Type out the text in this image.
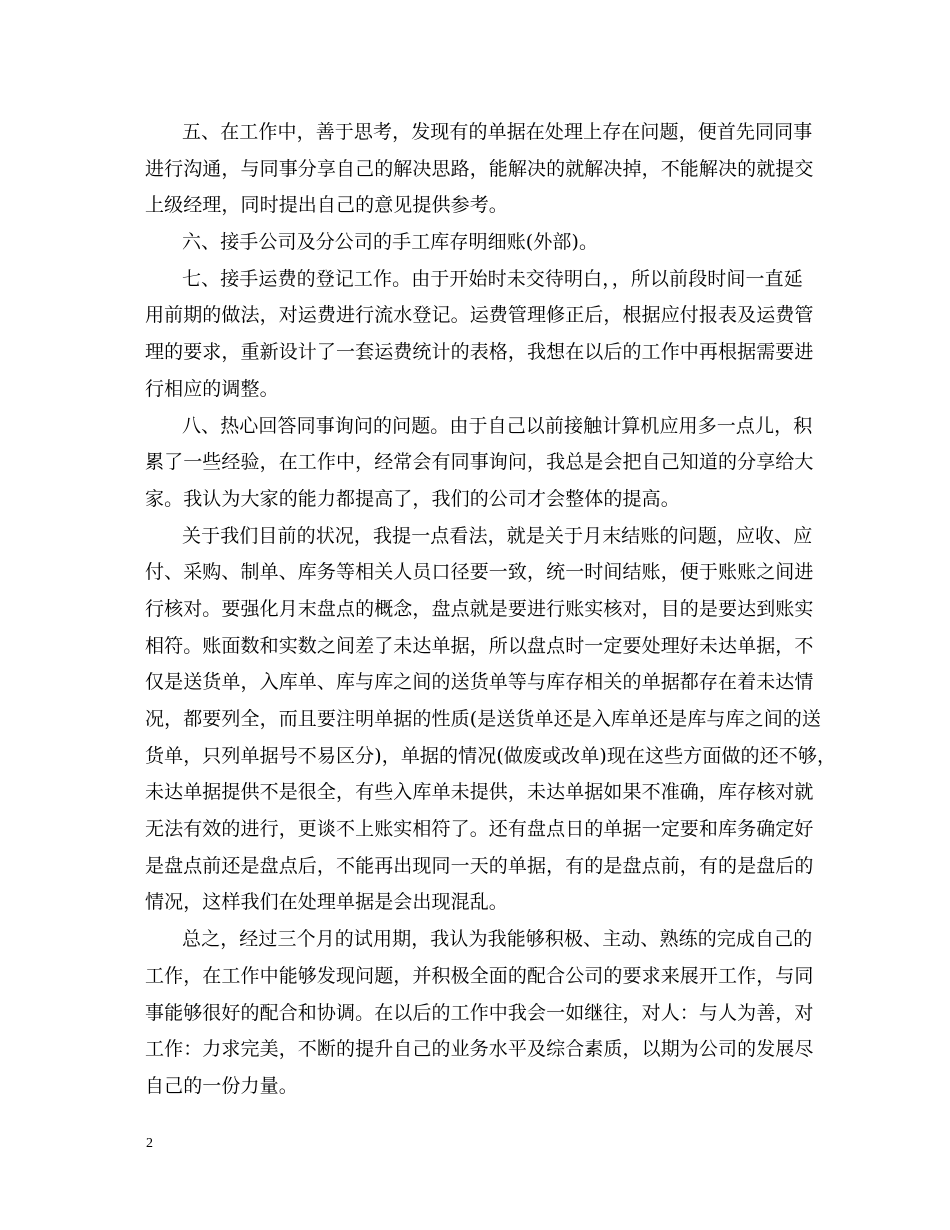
五、在工作中，善于思考，发现有的单据在处理上存在问题，便首先同同事
进行沟通，与同事分享自己的解决思路，能解决的就解决掉，不能解决的就提交
上级经理，同时提出自己的意见提供参考。
六、接手公司及分公司的手工库存明细账(外部)。
七、接手运费的登记工作。由于开始时未交待明白，，所以前段时间一直延
用前期的做法，对运费进行流水登记。运费管理修正后，根据应付报表及运费管
理的要求，重新设计了一套运费统计的表格，我想在以后的工作中再根据需要进
行相应的调整。
八、热心回答同事询问的问题。由于自己以前接触计算机应用多一点儿，积
累了一些经验，在工作中，经常会有同事询问，我总是会把自己知道的分享给大
家。我认为大家的能力都提高了，我们的公司才会整体的提高。
关于我们目前的状况，我提一点看法，就是关于月末结账的问题，应收、应
付、采购、制单、库务等相关人员口径要一致，统一时间结账，便于账账之间进
行核对。要强化月末盘点的概念，盘点就是要进行账实核对，目的是要达到账实
相符。账面数和实数之间差了未达单据，所以盘点时一定要处理好未达单据，不
仅是送货单，入库单、库与库之间的送货单等与库存相关的单据都存在着未达情
况，都要列全，而且要注明单据的性质(是送货单还是入库单还是库与库之间的送
货单，只列单据号不易区分)，单据的情况(做废或改单)现在这些方面做的还不够，
未达单据提供不是很全，有些入库单未提供，未达单据如果不准确，库存核对就
无法有效的进行，更谈不上账实相符了。还有盘点日的单据一定要和库务确定好
是盘点前还是盘点后，不能再出现同一天的单据，有的是盘点前，有的是盘后的
情况，这样我们在处理单据是会出现混乱。
总之，经过三个月的试用期，我认为我能够积极、主动、熟练的完成自己的
工作，在工作中能够发现问题，并积极全面的配合公司的要求来展开工作，与同
事能够很好的配合和协调。在以后的工作中我会一如继往，对人：与人为善，对
工作：力求完美，不断的提升自己的业务水平及综合素质，以期为公司的发展尽
自己的一份力量。
2
